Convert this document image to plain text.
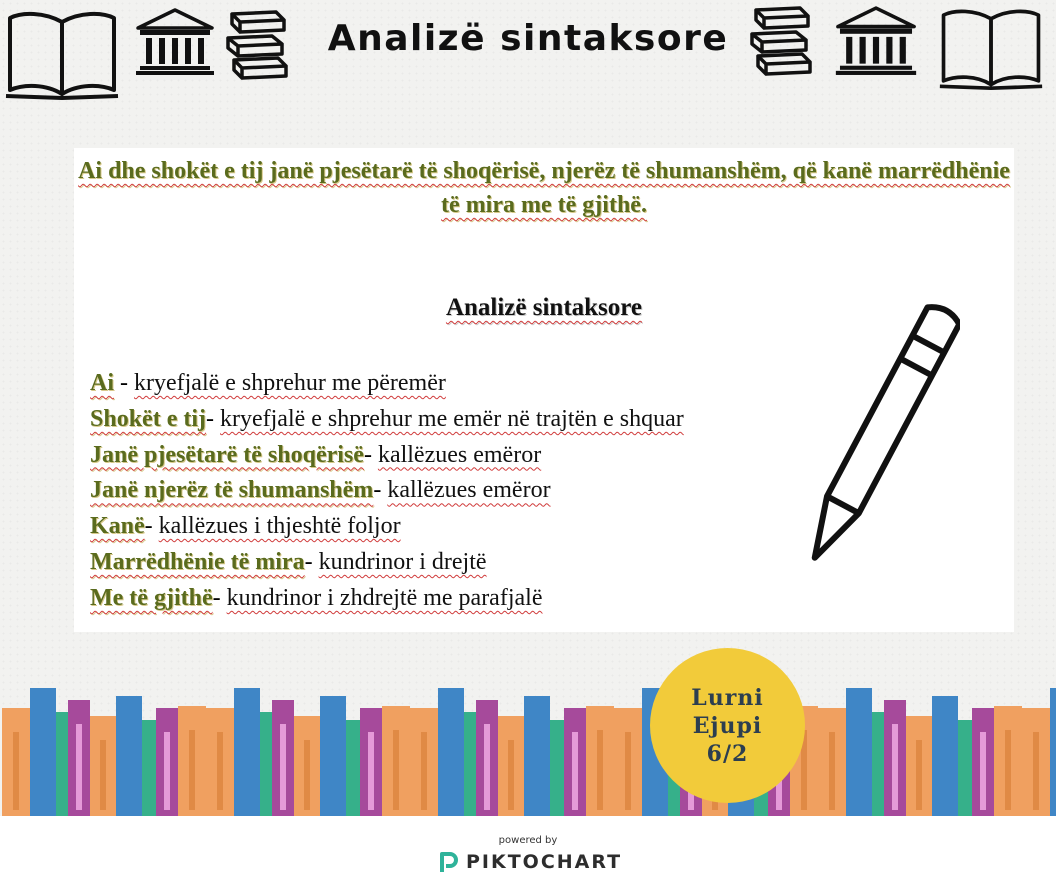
Analizë sintaksore
Ai dhe shokët e tij janë pjesëtarë të shoqërisë, njerëz të shumanshëm, që kanë marrëdhënie
të mira me të gjithë.
Analizë sintaksore
Ai - kryefjalë e shprehur me përemër
Shokët e tij- kryefjalë e shprehur me emër në trajtën e shquar
Janë pjesëtarë të shoqërisë- kallëzues emëror
Janë njerëz të shumanshëm- kallëzues emëror
Kanë- kallëzues i thjeshtë foljor
Marrëdhënie të mira- kundrinor i drejtë
Me të gjithë- kundrinor i zhdrejtë me parafjalë
Lurni
Ejupi
6/2
powered by
PIKTOCHART
